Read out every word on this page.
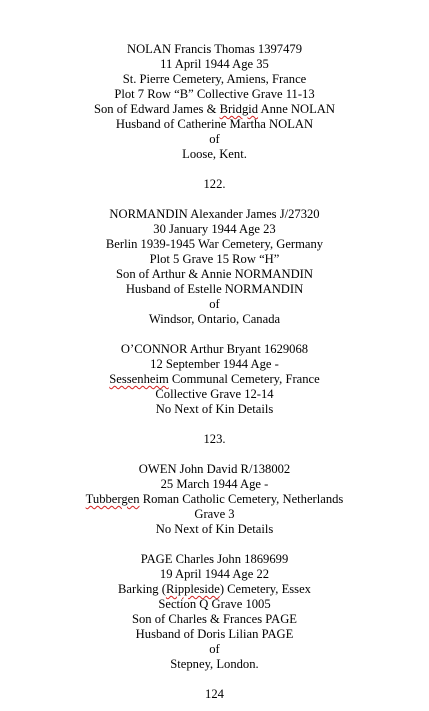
NOLAN Francis Thomas 1397479
11 April 1944 Age 35
St. Pierre Cemetery, Amiens, France
Plot 7 Row “B” Collective Grave 11-13
Son of Edward James & Bridgid Anne NOLAN
Husband of Catherine Martha NOLAN
of
Loose, Kent.
122.
NORMANDIN Alexander James J/27320
30 January 1944 Age 23
Berlin 1939-1945 War Cemetery, Germany
Plot 5 Grave 15 Row “H”
Son of Arthur & Annie NORMANDIN
Husband of Estelle NORMANDIN
of
Windsor, Ontario, Canada
O’CONNOR Arthur Bryant 1629068
12 September 1944 Age -
Sessenheim Communal Cemetery, France
Collective Grave 12-14
No Next of Kin Details
123.
OWEN John David R/138002
25 March 1944 Age -
Tubbergen Roman Catholic Cemetery, Netherlands
Grave 3
No Next of Kin Details
PAGE Charles John 1869699
19 April 1944 Age 22
Barking (Rippleside) Cemetery, Essex
Section Q Grave 1005
Son of Charles & Frances PAGE
Husband of Doris Lilian PAGE
of
Stepney, London.
124
